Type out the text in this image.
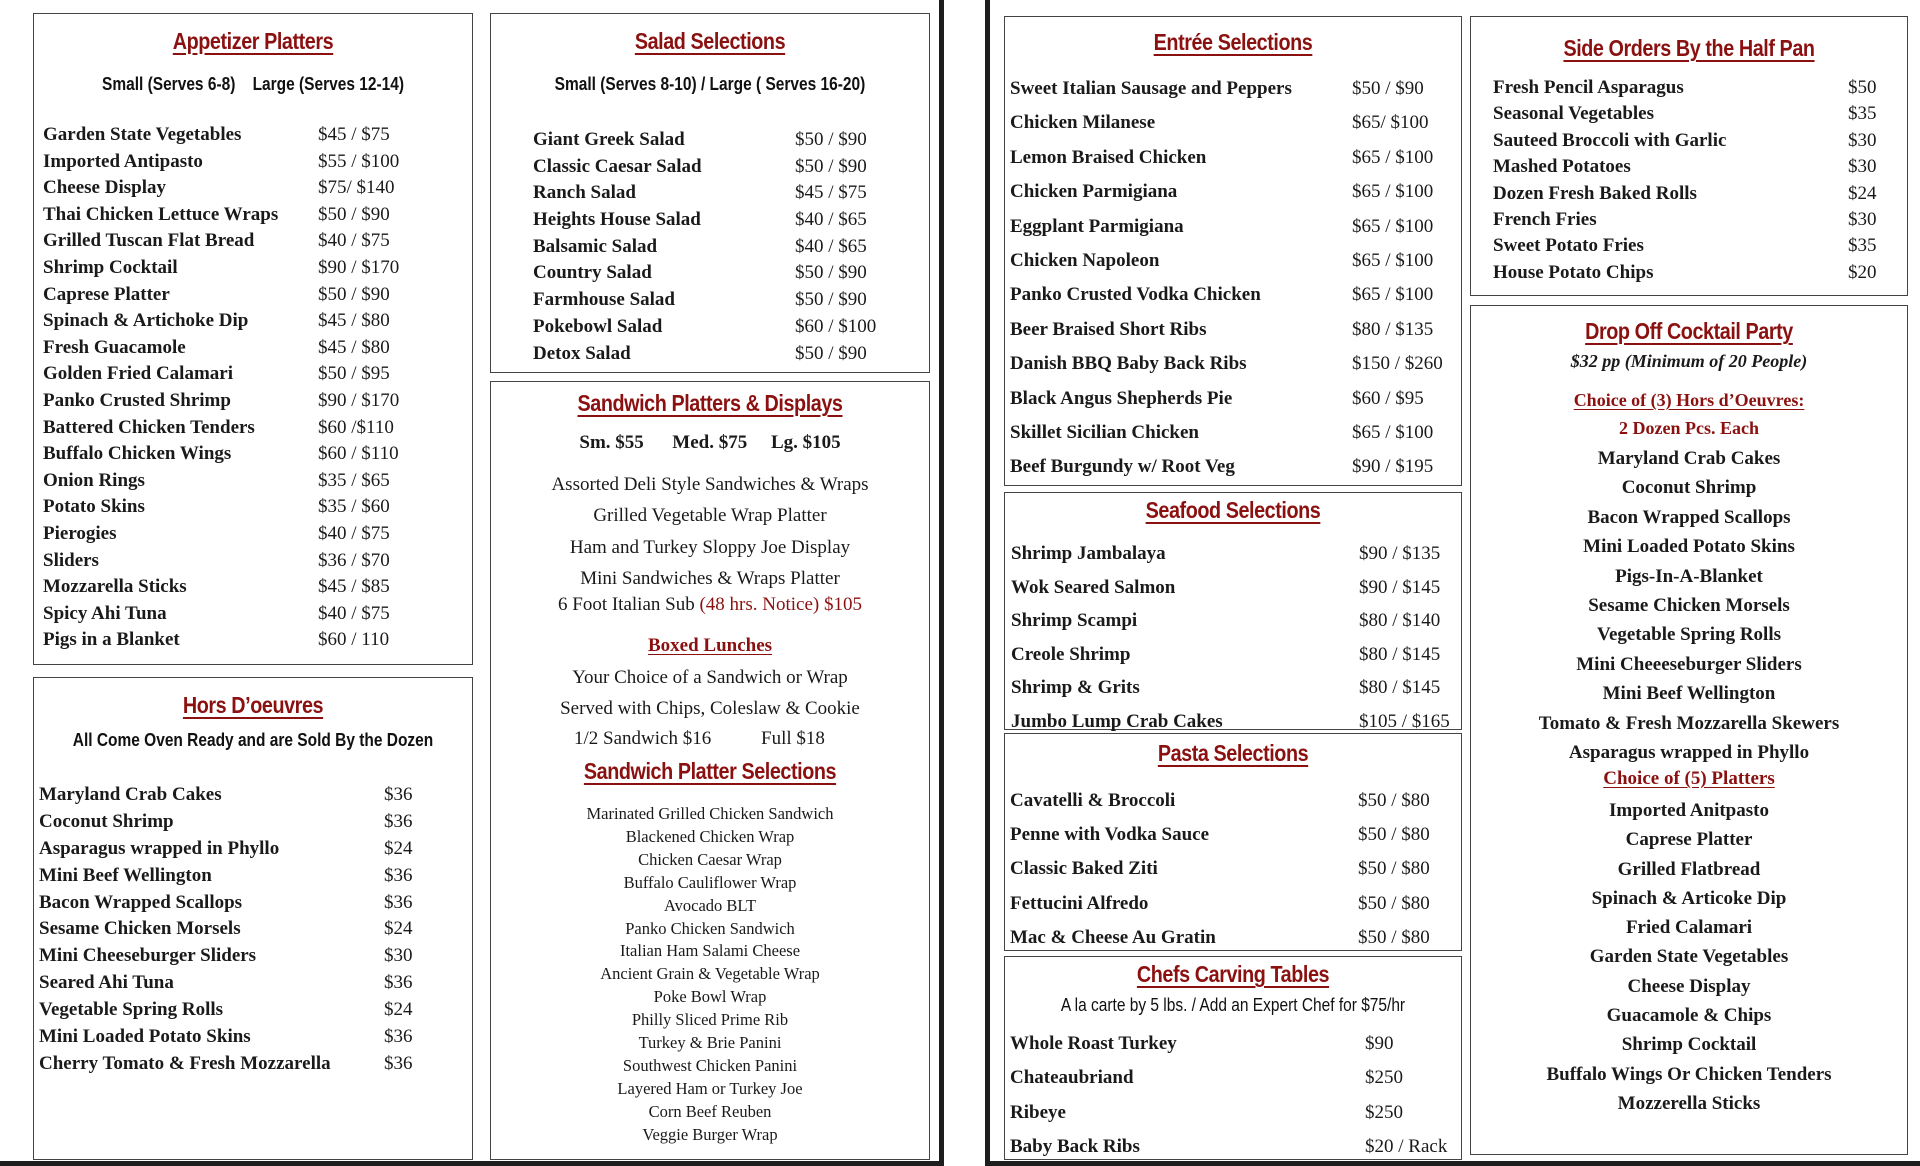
Appetizer Platters
Small (Serves 6-8)    Large (Serves 12-14)
Garden State Vegetables	$45 / $75
Imported Antipasto	$55 / $100
Cheese Display	$75/ $140
Thai Chicken Lettuce Wraps $50 / $90
Grilled Tuscan Flat Bread	$40 / $75
Shrimp Cocktail	$90 / $170
Caprese Platter	$50 / $90
Spinach & Artichoke Dip	$45 / $80
Fresh Guacamole	$45 / $80
Golden Fried Calamari	$50 / $95
Panko Crusted Shrimp	$90 / $170
Battered Chicken Tenders	$60 /$110
Buffalo Chicken Wings	$60 / $110
Onion Rings	$35 / $65
Potato Skins	$35 / $60
Pierogies	$40 / $75
Sliders	$36 / $70
Mozzarella Sticks	$45 / $85
Spicy Ahi Tuna	$40 / $75
Pigs in a Blanket	$60 / 110
Hors D’oeuvres
All Come Oven Ready and are Sold By the Dozen
Maryland Crab Cakes	$36
Coconut Shrimp	$36
Asparagus wrapped in Phyllo	$24
Mini Beef Wellington	$36
Bacon Wrapped Scallops	$36
Sesame Chicken Morsels	$24
Mini Cheeseburger Sliders	$30
Seared Ahi Tuna	$36
Vegetable Spring Rolls	$24
Mini Loaded Potato Skins	$36
Cherry Tomato & Fresh Mozzarella	$36
Salad Selections
Small (Serves 8-10) / Large ( Serves 16-20)
Giant Greek Salad	$50 / $90
Classic Caesar Salad	$50 / $90
Ranch Salad	$45 / $75
Heights House Salad	$40 / $65
Balsamic Salad	$40 / $65
Country Salad	$50 / $90
Farmhouse Salad	$50 / $90
Pokebowl Salad	$60 / $100
Detox Salad	$50 / $90
Sandwich Platters & Displays
Sm. $55      Med. $75     Lg. $105
Assorted Deli Style Sandwiches & Wraps
Grilled Vegetable Wrap Platter
Ham and Turkey Sloppy Joe Display
Mini Sandwiches & Wraps Platter
6 Foot Italian Sub (48 hrs. Notice) $105
Boxed Lunches
Your Choice of a Sandwich or Wrap
Served with Chips, Coleslaw & Cookie
1/2 Sandwich $16	Full $18
Sandwich Platter Selections
Marinated Grilled Chicken Sandwich
Blackened Chicken Wrap
Chicken Caesar Wrap
Buffalo Cauliflower Wrap
Avocado BLT
Panko Chicken Sandwich
Italian Ham Salami Cheese
Ancient Grain & Vegetable Wrap
Poke Bowl Wrap
Philly Sliced Prime Rib
Turkey & Brie Panini
Southwest Chicken Panini
Layered Ham or Turkey Joe
Corn Beef Reuben
Veggie Burger Wrap
Entrée Selections
Sweet Italian Sausage and Peppers	$50 / $90
Chicken Milanese	$65/ $100
Lemon Braised Chicken	$65 / $100
Chicken Parmigiana	$65 / $100
Eggplant Parmigiana	$65 / $100
Chicken Napoleon	$65 / $100
Panko Crusted Vodka Chicken	$65 / $100
Beer Braised Short Ribs	$80 / $135
Danish BBQ Baby Back Ribs	$150 / $260
Black Angus Shepherds Pie	$60 / $95
Skillet Sicilian Chicken	$65 / $100
Beef Burgundy w/ Root Veg	$90 / $195
Seafood Selections
Shrimp Jambalaya	$90 / $135
Wok Seared Salmon	$90 / $145
Shrimp Scampi	$80 / $140
Creole Shrimp	$80 / $145
Shrimp & Grits	$80 / $145
Jumbo Lump Crab Cakes	$105 / $165
Pasta Selections
Cavatelli & Broccoli	$50 / $80
Penne with Vodka Sauce	$50 / $80
Classic Baked Ziti	$50 / $80
Fettucini Alfredo	$50 / $80
Mac & Cheese Au Gratin	$50 / $80
Chefs Carving Tables
A la carte by 5 lbs. / Add an Expert Chef for $75/hr
Whole Roast Turkey	$90
Chateaubriand	$250
Ribeye	$250
Baby Back Ribs	$20 / Rack
Side Orders By the Half Pan
Fresh Pencil Asparagus	$50
Seasonal Vegetables	$35
Sauteed Broccoli with Garlic	$30
Mashed Potatoes	$30
Dozen Fresh Baked Rolls	$24
French Fries	$30
Sweet Potato Fries	$35
House Potato Chips	$20
Drop Off Cocktail Party
$32 pp (Minimum of 20 People)
Choice of (3) Hors d’Oeuvres:
2 Dozen Pcs. Each
Maryland Crab Cakes
Coconut Shrimp
Bacon Wrapped Scallops
Mini Loaded Potato Skins
Pigs-In-A-Blanket
Sesame Chicken Morsels
Vegetable Spring Rolls
Mini Cheeeseburger Sliders
Mini Beef Wellington
Tomato & Fresh Mozzarella Skewers
Asparagus wrapped in Phyllo
Choice of (5) Platters
Imported Anitpasto
Caprese Platter
Grilled Flatbread
Spinach & Articoke Dip
Fried Calamari
Garden State Vegetables
Cheese Display
Guacamole & Chips
Shrimp Cocktail
Buffalo Wings Or Chicken Tenders
Mozzerella Sticks
